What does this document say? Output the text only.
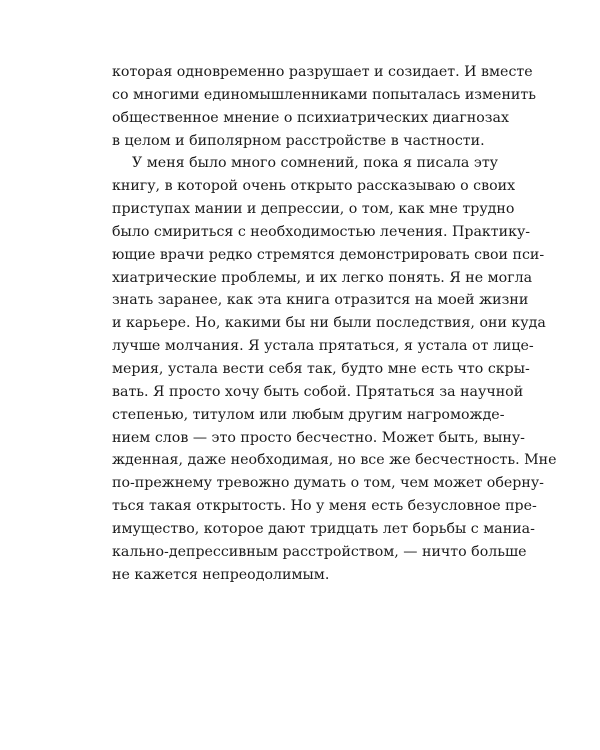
которая одновременно разрушает и созидает. И вместе
со многими единомышленниками попыталась изменить
общественное мнение о психиатрических диагнозах
в целом и биполярном расстройстве в частности.
У меня было много сомнений, пока я писала эту
книгу, в которой очень открыто рассказываю о своих
приступах мании и депрессии, о том, как мне трудно
было смириться с необходимостью лечения. Практику-
ющие врачи редко стремятся демонстрировать свои пси-
хиатрические проблемы, и их легко понять. Я не могла
знать заранее, как эта книга отразится на моей жизни
и карьере. Но, какими бы ни были последствия, они куда
лучше молчания. Я устала прятаться, я устала от лице-
мерия, устала вести себя так, будто мне есть что скры-
вать. Я просто хочу быть собой. Прятаться за научной
степенью, титулом или любым другим нагроможде-
нием слов — это просто бесчестно. Может быть, выну-
жденная, даже необходимая, но все же бесчестность. Мне
по-прежнему тревожно думать о том, чем может оберну-
ться такая открытость. Но у меня есть безусловное пре-
имущество, которое дают тридцать лет борьбы с маниа-
кально-депрессивным расстройством, — ничто больше
не кажется непреодолимым.
